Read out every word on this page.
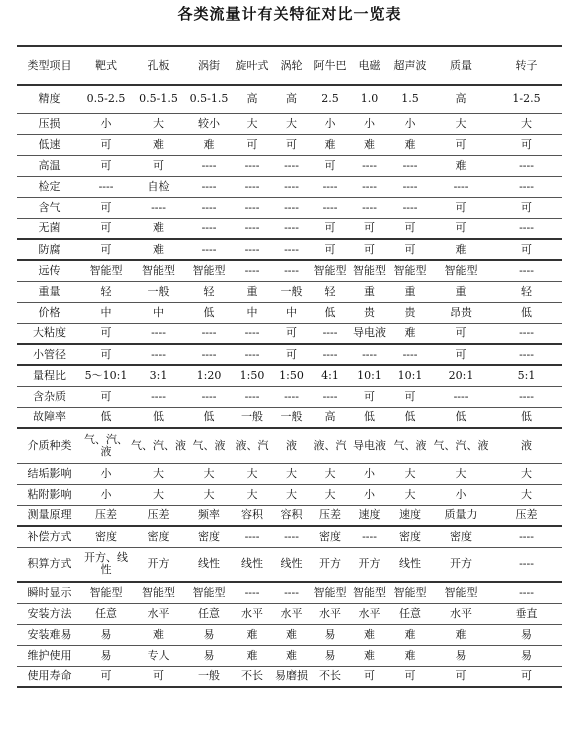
各类流量计有关特征对比一览表
类型项目	靶式	孔板	涡街	旋叶式	涡轮	阿牛巴	电磁	超声波	质量	转子
精度	0.5-2.5	0.5-1.5	0.5-1.5	高	高	2.5	1.0	1.5	高	1-2.5
压损	小	大	较小	大	大	小	小	小	大	大
低速	可	难	难	可	可	难	难	难	可	可
高温	可	可	----	----	----	可	----	----	难	----
检定	----	自检	----	----	----	----	----	----	----	----
含气	可	----	----	----	----	----	----	----	可	可
无菌	可	难	----	----	----	可	可	可	可	----
防腐	可	难	----	----	----	可	可	可	难	可
远传	智能型	智能型	智能型	----	----	智能型	智能型	智能型	智能型	----
重量	轻	一般	轻	重	一般	轻	重	重	重	轻
价格	中	中	低	中	中	低	贵	贵	昂贵	低
大粘度	可	----	----	----	可	----	导电液	难	可	----
小管径	可	----	----	----	可	----	----	----	可	----
量程比	5～10:1	3:1	1:20	1:50	1:50	4:1	10:1	10:1	20:1	5:1
含杂质	可	----	----	----	----	----	可	可	----	----
故障率	低	低	低	一般	一般	高	低	低	低	低
介质种类	气、汽、液	气、汽、液	气、液	液、汽	液	液、汽	导电液	气、液	气、汽、液	液
结垢影响	小	大	大	大	大	大	小	大	大	大
粘附影响	小	大	大	大	大	大	小	大	小	大
测量原理	压差	压差	频率	容积	容积	压差	速度	速度	质量力	压差
补偿方式	密度	密度	密度	----	----	密度	----	密度	密度	----
积算方式	开方、线性	开方	线性	线性	线性	开方	开方	线性	开方	----
瞬时显示	智能型	智能型	智能型	----	----	智能型	智能型	智能型	智能型	----
安装方法	任意	水平	任意	水平	水平	水平	水平	任意	水平	垂直
安装难易	易	难	易	难	难	易	难	难	难	易
维护使用	易	专人	易	难	难	易	难	难	易	易
使用寿命	可	可	一般	不长	易磨损	不长	可	可	可	可
